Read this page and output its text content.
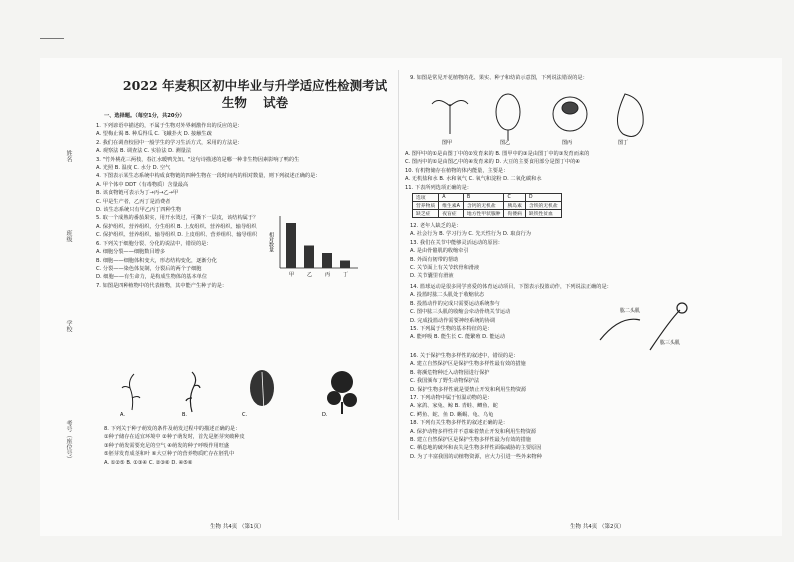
2022 年麦积区初中毕业与升学适应性检测考试
生物 试卷
姓名
班级
学校
考号（座位号）
一、选择题。（每空1分，共20分）

1. 下列谚语中描述的，不属于生物对外界刺激作出的反应的是：

A. 望梅止渴 B. 种瓜得瓜 C. 飞蛾扑火 D. 接触生疏

2. 我们在调查校园中一般学生的学习生活方式，采用的方法是：

A. 观察法 B. 调查法 C. 实验法 D. 测量法

3. "竹外桃花三两枝，春江水暖鸭先知。"这句诗描述的是哪一种非生物因素影响了鸭的生

A. 光照 B. 温度 C. 水分 D. 空气

4. 下图表示某生态系统中构成食物链的四种生物在一段时间内的相对数量，则下列叙述正确的是：

A. 甲个体中 DDT（有毒物质）含量最高

B. 该食物链可表示为丁→丙→乙→甲

C. 甲是生产者，乙丙丁是消费者

D. 该生态系统只有甲乙丙丁四种生物

5. 取一个成熟的番茄果实，用开水烫过，可撕下一层皮，该结构属于？

A. 保护组织、营养组织、分生组织 B. 上皮组织、营养组织、输导组织

C. 保护组织、营养组织、输导组织 D. 上皮组织、营养组织、输导组织

6. 下列关于细胞分裂、分化的说法中，错误的是：

A. 细胞分裂——细胞数目增多

B. 细胞——细胞体积变大，形态结构变化，逐渐分化

C. 分裂——染色体复制，分裂后的两个子细胞

D. 细胞——有生命力，是构成生物体的基本单位

7. 如图是四种植物中的代表植物，其中能产生种子的是：

相对数量
甲	乙	丙	丁
A.	B.	C.	D.

8. 下列关于种子萌发的条件及萌发过程中的描述正确的是：

①种子储存在适宜环境中 ②种子萌发时，首先是胚芽突破种皮

③种子萌发需要充足的空气 ④萌发的种子呼吸作用旺盛

⑤胚芽发育成茎和叶 ⑥大豆种子的营养物质贮存在胚乳中

A. ①②⑤ B. ①③④ C. ②③⑥ D. ④⑤⑥

9. 如图是常见开花植物的花、果实、种子和幼苗示意图，下列说法错误的是：
图甲	图乙	图丙	图丁

A. 图甲中的①是由图丁中的②发育来的 B. 图甲中的③是由图丁中的③发育而来的

C. 图丙中的①是由图乙中的④发育来的 D. 大豆的主要食用部分是图丁中的④

10. 有机物储存在植物的体内能量，主要是：

A. 无机盐和水 B. 水和氧气 C. 氧气和淀粉 D. 二氧化碳和水

11. 下表所列选项正确的是：

选项	A	B	C	D
营养物质	维生素A	含钙的无机盐	胰岛素	含铁的无机盐
缺乏症	夜盲症	地方性甲状腺肿	佝偻病	缺铁性贫血

12. 老年人缺乏的是：

A. 社会行为 B. 学习行为 C. 先天性行为 D. 取食行为

13. 我们在关节中能够灵活运动的原因：

A. 是由骨骼肌的收缩牵引

B. 外面有韧带的帮助

C. 关节面上有关节软骨和滑液

D. 关节囊里有滑液

14. 篮球运动是很多同学喜爱的体育运动项目，下图表示投篮动作，下列说法正确的是：

A. 投篮时肱二头肌处于收缩状态

B. 投篮动作的完成只需要运动系统参与

C. 图中肱三头肌的收缩会牵动骨绕关节运动

D. 完成投篮动作需要神经系统的协调

15. 下列属于生物的基本特征的是：

A. 能呼吸 B. 能生长 C. 能繁殖 D. 能运动

肱二头肌
肱三头肌

16. 关于保护生物多样性的叙述中，错误的是：

A. 建立自然保护区是保护生物多样性最有效的措施

B. 将濒危物种迁入动物园进行保护

C. 我国颁布了野生动物保护法

D. 保护生物多样性就是要禁止开发和利用生物资源

17. 下列动物中属于恒温动物的是：

A. 家鸽、家兔、鲸 B. 青蛙、鲫鱼、蛇

C. 鳄鱼、蛇、鱼 D. 蜥蜴、龟、乌龟

18. 下列有关生物多样性的叙述正确的是：

A. 保护动物多样性并不意味着禁止开发和利用生物资源

B. 建立自然保护区是保护生物多样性最为有效的措施

C. 栖息地的破坏和丧失是生物多样性面临威胁的主要原因

D. 为了丰富我国的动植物资源，应大力引进一些外来物种

生物 共4页 （第1页）	生物 共4页 （第2页）
